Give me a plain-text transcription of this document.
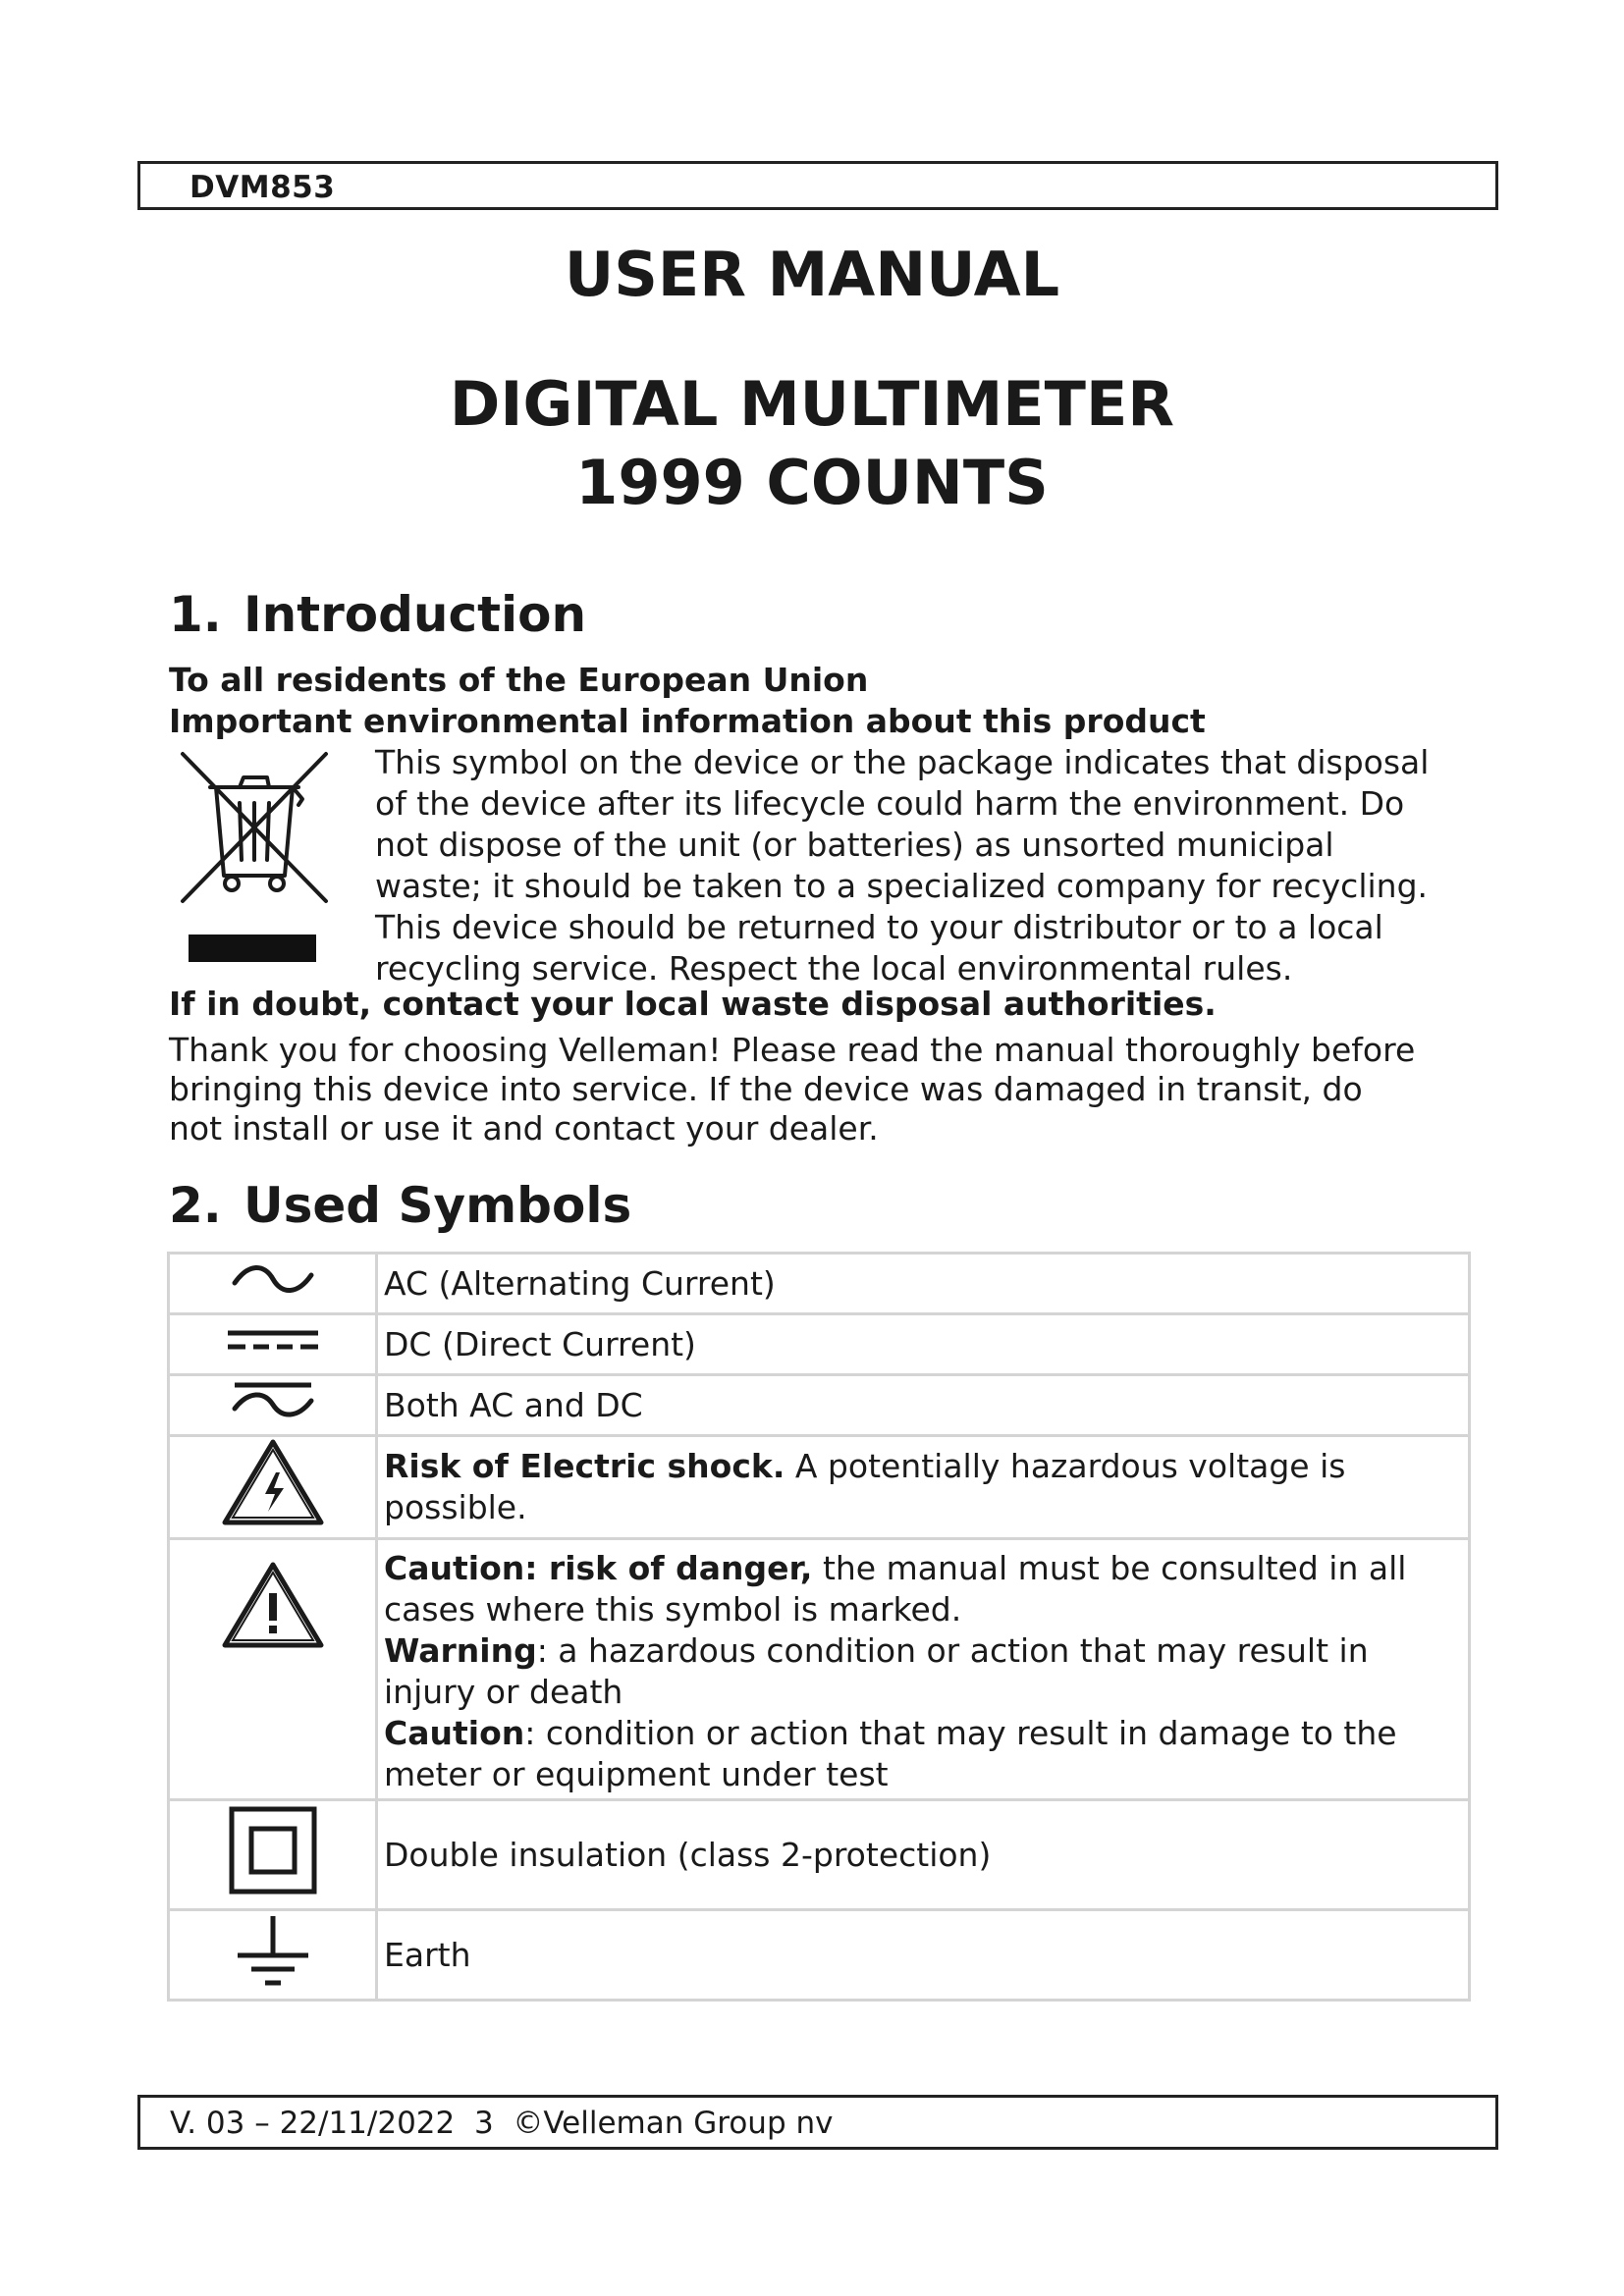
DVM853
USER MANUAL
DIGITAL MULTIMETER
1999 COUNTS
1. Introduction
To all residents of the European Union
Important environmental information about this product
This symbol on the device or the package indicates that disposal
of the device after its lifecycle could harm the environment. Do
not dispose of the unit (or batteries) as unsorted municipal
waste; it should be taken to a specialized company for recycling.
This device should be returned to your distributor or to a local
recycling service. Respect the local environmental rules.
If in doubt, contact your local waste disposal authorities.
Thank you for choosing Velleman! Please read the manual thoroughly before
bringing this device into service. If the device was damaged in transit, do
not install or use it and contact your dealer.
2. Used Symbols
	AC (Alternating Current)
	DC (Direct Current)
	Both AC and DC
	Risk of Electric shock. A potentially hazardous voltage is possible.
	Caution: risk of danger, the manual must be consulted in all cases where this symbol is marked.
Warning: a hazardous condition or action that may result in injury or death
Caution: condition or action that may result in damage to the meter or equipment under test
	Double insulation (class 2-protection)
	Earth
V. 03 – 22/11/2022  3  ©Velleman Group nv
